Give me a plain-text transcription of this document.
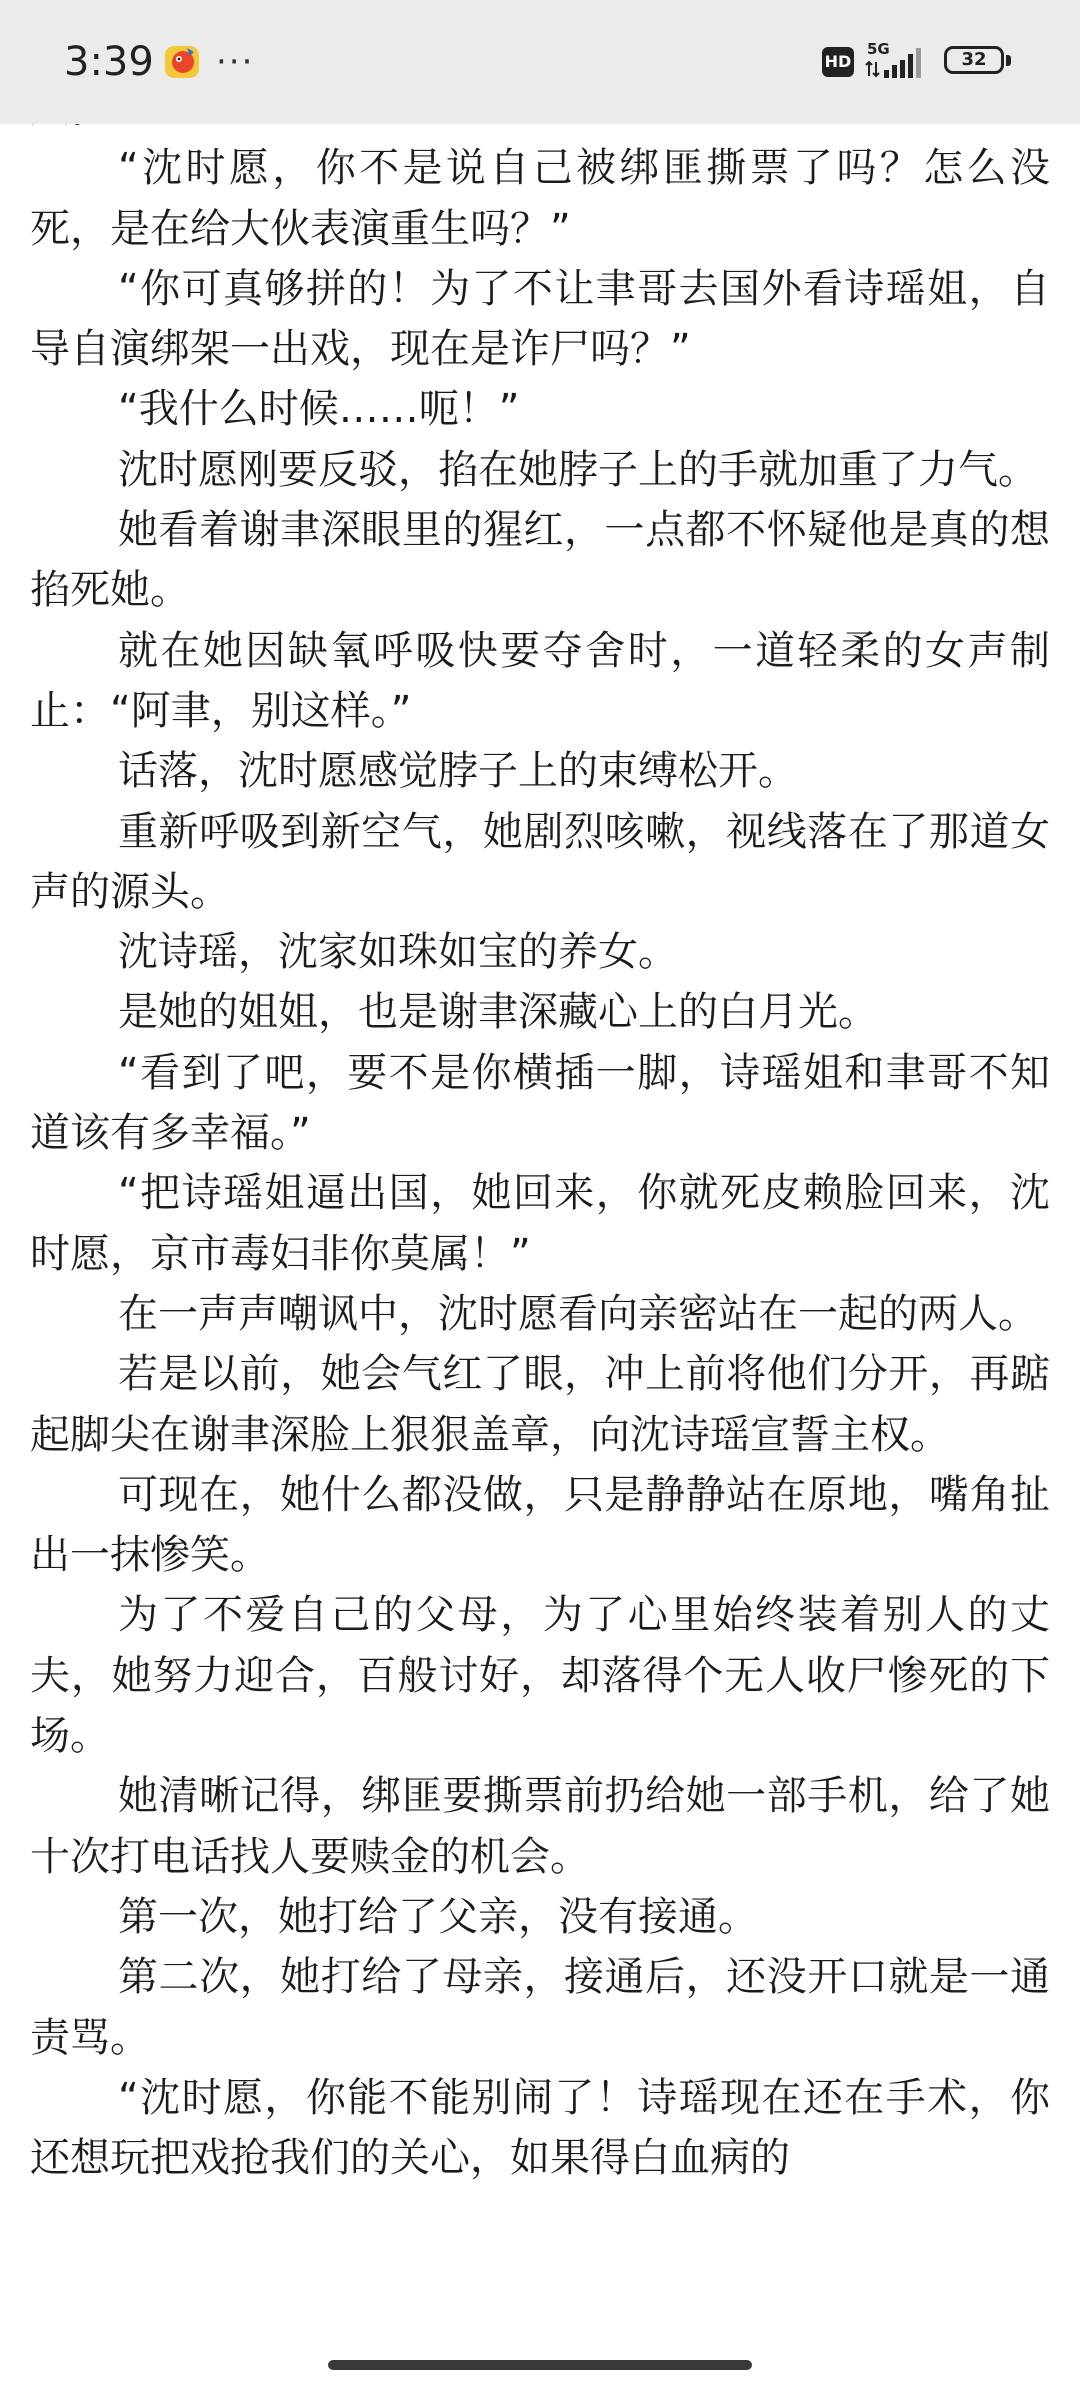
3:39 ···	HD
5G	32

“沈时愿，你不是说自己被绑匪撕票了吗？怎么没死，是在给大伙表演重生吗？”

“你可真够拼的！为了不让聿哥去国外看诗瑶姐，自导自演绑架一出戏，现在是诈尸吗？”

“我什么时候……呃！”

沈时愿刚要反驳，掐在她脖子上的手就加重了力气。

她看着谢聿深眼里的猩红，一点都不怀疑他是真的想掐死她。

就在她因缺氧呼吸快要夺舍时，一道轻柔的女声制止：“阿聿，别这样。”

话落，沈时愿感觉脖子上的束缚松开。

重新呼吸到新空气，她剧烈咳嗽，视线落在了那道女声的源头。

沈诗瑶，沈家如珠如宝的养女。

是她的姐姐，也是谢聿深藏心上的白月光。

“看到了吧，要不是你横插一脚，诗瑶姐和聿哥不知道该有多幸福。”

“把诗瑶姐逼出国，她回来，你就死皮赖脸回来，沈时愿，京市毒妇非你莫属！”

在一声声嘲讽中，沈时愿看向亲密站在一起的两人。

若是以前，她会气红了眼，冲上前将他们分开，再踮起脚尖在谢聿深脸上狠狠盖章，向沈诗瑶宣誓主权。

可现在，她什么都没做，只是静静站在原地，嘴角扯出一抹惨笑。

为了不爱自己的父母，为了心里始终装着别人的丈夫，她努力迎合，百般讨好，却落得个无人收尸惨死的下场。

她清晰记得，绑匪要撕票前扔给她一部手机，给了她十次打电话找人要赎金的机会。

第一次，她打给了父亲，没有接通。

第二次，她打给了母亲，接通后，还没开口就是一通责骂。

“沈时愿，你能不能别闹了！诗瑶现在还在手术，你还想玩把戏抢我们的关心，如果得白血病的
